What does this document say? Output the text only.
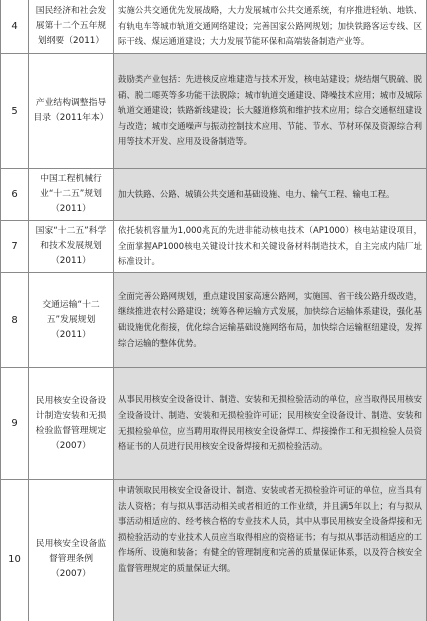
4	国民经济和社会发展第十二个五年规划纲要（2011）	实施公共交通优先发展战略，大力发展城市公共交通系统，有序推进轻轨、地铁、有轨电车等城市轨道交通网络建设；完善国家公路网规划；加快铁路客运专线、区际干线、煤运通道建设；大力发展节能环保和高端装备制造产业等。
5	产业结构调整指导目录（2011年本）	鼓励类产业包括：先进核反应堆建造与技术开发，核电站建设；烧结烟气脱硫、脱硝、脱二噁英等多功能干法脱除；城市轨道交通建设、降噪技术应用；城市及城际轨道交通建设；铁路新线建设；长大隧道修筑和维护技术应用；综合交通枢纽建设与改造；城市交通噪声与振动控制技术应用、节能、节水、节材环保及资源综合利用等技术开发、应用及设备制造等。
6	中国工程机械行业“十二五”规划（2011）	加大铁路、公路、城镇公共交通和基础设施、电力、输气工程、输电工程。
7	国家“十二五”科学和技术发展规划（2011）	依托装机容量为1,000兆瓦的先进非能动核电技术（AP1000）核电站建设项目，全面掌握AP1000核电关键设计技术和关键设备材料制造技术，自主完成内陆厂址标准设计。
8	交通运输“十二五”发展规划（2011）	全面完善公路网规划，重点建设国家高速公路网，实施国、省干线公路升级改造，继续推进农村公路建设；统筹各种运输方式发展，加快综合运输体系建设，强化基础设施优化衔接，优化综合运输基础设施网络布局，加快综合运输枢纽建设，发挥综合运输的整体优势。
9	民用核安全设备设计制造安装和无损检验监督管理规定（2007）	从事民用核安全设备设计、制造、安装和无损检验活动的单位，应当取得民用核安全设备设计、制造、安装和无损检验许可证；民用核安全设备设计、制造、安装和无损检验单位，应当聘用取得民用核安全设备焊工、焊接操作工和无损检验人员资格证书的人员进行民用核安全设备焊接和无损检验活动。
10	民用核安全设备监督管理条例（2007）	申请领取民用核安全设备设计、制造、安装或者无损检验许可证的单位，应当具有法人资格；有与拟从事活动相关或者相近的工作业绩，并且满5年以上；有与拟从事活动相适应的、经考核合格的专业技术人员，其中从事民用核安全设备焊接和无损检验活动的专业技术人员应当取得相应的资格证书；有与拟从事活动相适应的工作场所、设施和装备；有健全的管理制度和完善的质量保证体系，以及符合核安全监督管理规定的质量保证大纲。
